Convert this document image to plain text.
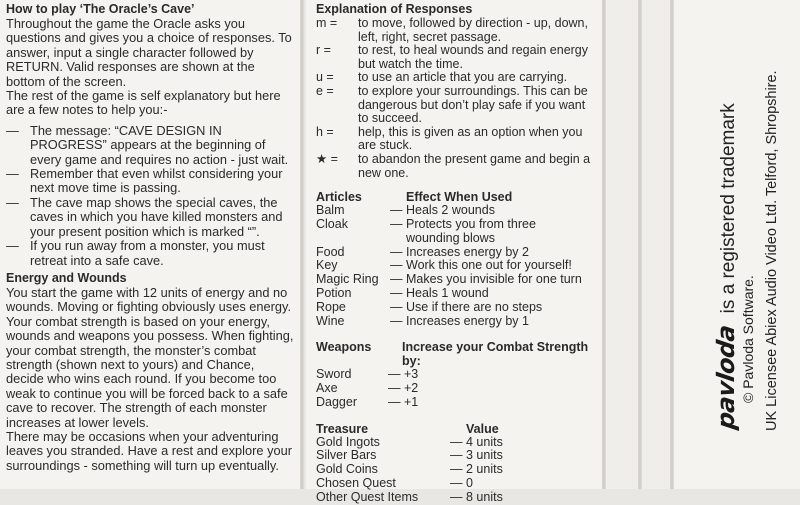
How to play ‘The Oracle’s Cave’

Throughout the game the Oracle asks you questions and gives you a choice of responses. To answer, input a single character followed by RETURN. Valid responses are shown at the bottom of the screen.

The rest of the game is self explanatory but here are a few notes to help you:-

— The message: “CAVE DESIGN IN PROGRESS” appears at the beginning of every game and requires no action - just wait.
— Remember that even whilst considering your next move time is passing.
— The cave map shows the special caves, the caves in which you have killed monsters and your present position which is marked “”.
— If you run away from a monster, you must retreat into a safe cave.
Energy and Wounds

You start the game with 12 units of energy and no wounds. Moving or fighting obviously uses energy. Your combat strength is based on your energy, wounds and weapons you possess. When fighting, your combat strength, the monster’s combat strength (shown next to yours) and Chance, decide who wins each round. If you become too weak to continue you will be forced back to a safe cave to recover. The strength of each monster increases at lower levels.

There may be occasions when your adventuring leaves you stranded. Have a rest and explore your surroundings - something will turn up eventually.

Explanation of Responses
m =	to move, followed by direction - up, down, left, right, secret passage.
r =	to rest, to heal wounds and regain energy but watch the time.
u =	to use an article that you are carrying.
e =	to explore your surroundings. This can be dangerous but don’t play safe if you want to succeed.
h =	help, this is given as an option when you are stuck.
★ =	to abandon the present game and begin a new one.
Articles	Effect When Used
Balm	— Heals 2 wounds
Cloak	— Protects you from three wounding blows
Food	— Increases energy by 2
Key	— Work this one out for yourself!
Magic Ring — Makes you invisible for one turn
Potion	— Heals 1 wound
Rope	— Use if there are no steps
Wine	— Increases energy by 1
Weapons	Increase your Combat Strength by:
Sword	— +3
Axe	— +2
Dagger	— +1
Treasure	Value
Gold Ingots	— 4 units
Silver Bars	— 3 units
Gold Coins	— 2 units
Chosen Quest	— 0
Other Quest Items	— 8 units
pavloda
is a registered trademark
© Pavloda Software. UK Licensee Abiex Audio Video Ltd. Telford, Shropshire.
